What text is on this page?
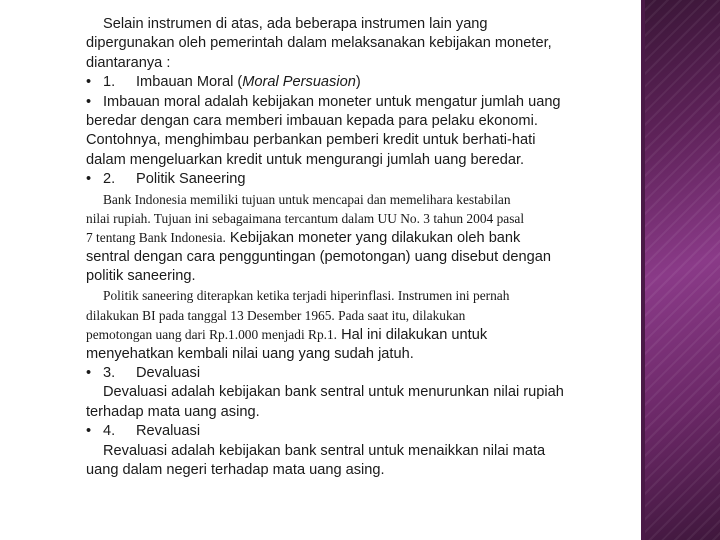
Selain instrumen di atas, ada beberapa instrumen lain yang
dipergunakan oleh pemerintah dalam melaksanakan kebijakan moneter,
diantaranya :
• 1. Imbauan Moral (Moral Persuasion)
• Imbauan moral adalah kebijakan moneter untuk mengatur jumlah uang
beredar dengan cara memberi imbauan kepada para pelaku ekonomi.
Contohnya, menghimbau perbankan pemberi kredit untuk berhati-hati
dalam mengeluarkan kredit untuk mengurangi jumlah uang beredar.
• 2. Politik Saneering
Bank Indonesia memiliki tujuan untuk mencapai dan memelihara kestabilan
nilai rupiah. Tujuan ini sebagaimana tercantum dalam UU No. 3 tahun 2004 pasal
7 tentang Bank Indonesia. Kebijakan moneter yang dilakukan oleh bank
sentral dengan cara pengguntingan (pemotongan) uang disebut dengan
politik saneering.
Politik saneering diterapkan ketika terjadi hiperinflasi. Instrumen ini pernah
dilakukan BI pada tanggal 13 Desember 1965. Pada saat itu, dilakukan
pemotongan uang dari Rp.1.000 menjadi Rp.1. Hal ini dilakukan untuk
menyehatkan kembali nilai uang yang sudah jatuh.
• 3. Devaluasi
Devaluasi adalah kebijakan bank sentral untuk menurunkan nilai rupiah
terhadap mata uang asing.
• 4. Revaluasi
Revaluasi adalah kebijakan bank sentral untuk menaikkan nilai mata
uang dalam negeri terhadap mata uang asing.
